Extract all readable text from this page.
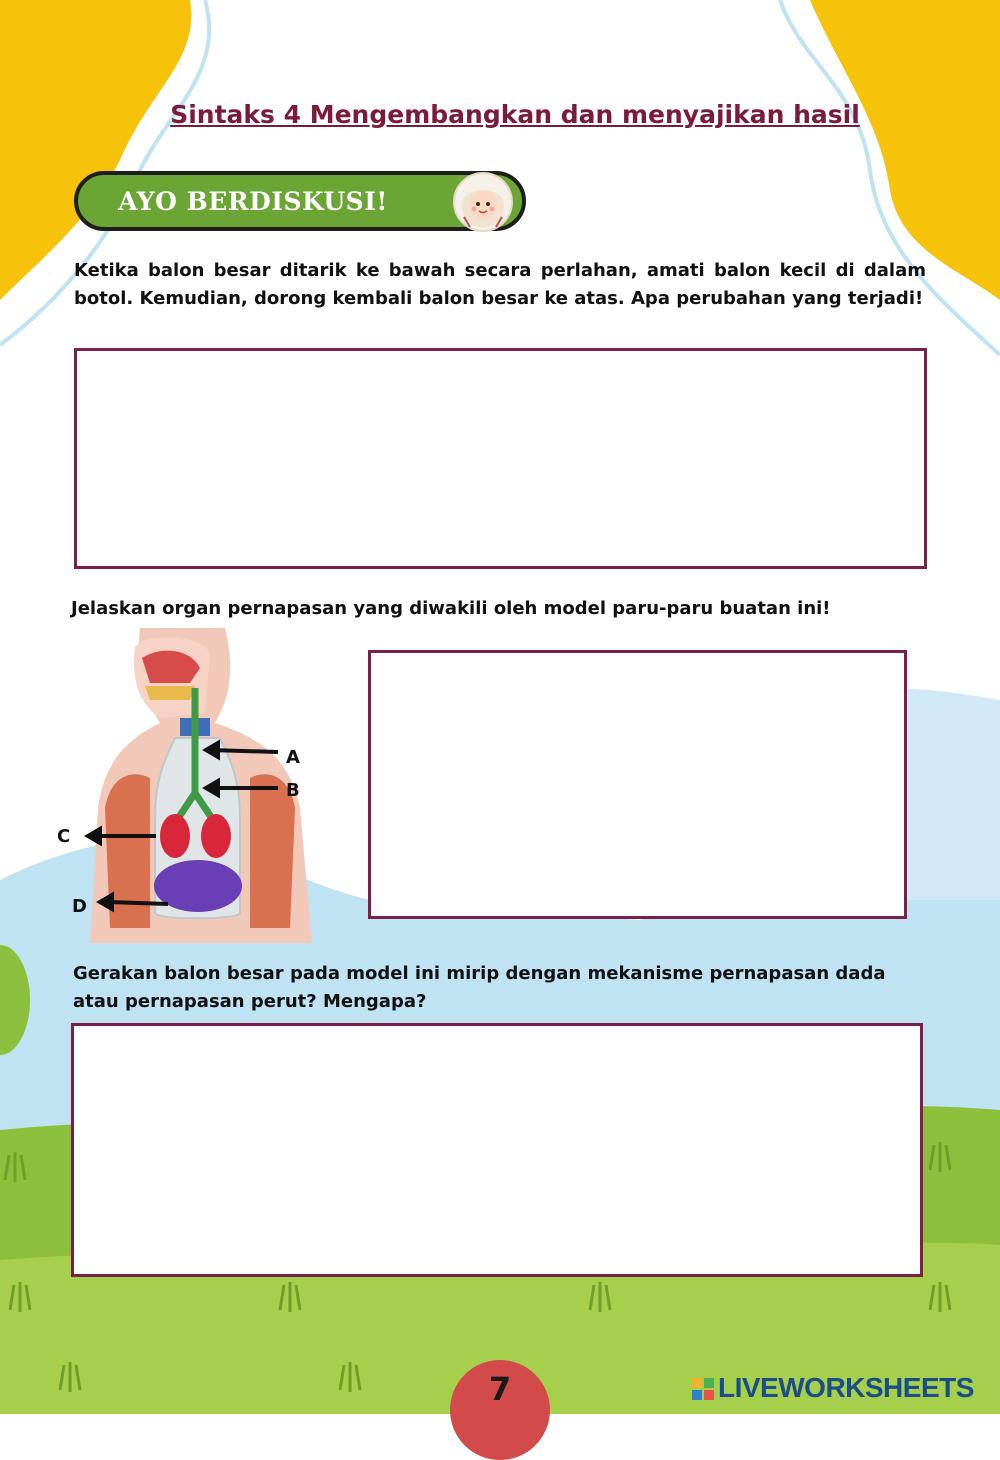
Sintaks 4 Mengembangkan dan menyajikan hasil
AYO BERDISKUSI!
Ketika balon besar ditarik ke bawah secara perlahan, amati balon kecil di dalam botol. Kemudian, dorong kembali balon besar ke atas. Apa perubahan yang terjadi!
Jelaskan organ pernapasan yang diwakili oleh model paru-paru buatan ini!
A
B
C
D
Gerakan balon besar pada model ini mirip dengan mekanisme pernapasan dada atau pernapasan perut? Mengapa?
7	LIVEWORKSHEETS
